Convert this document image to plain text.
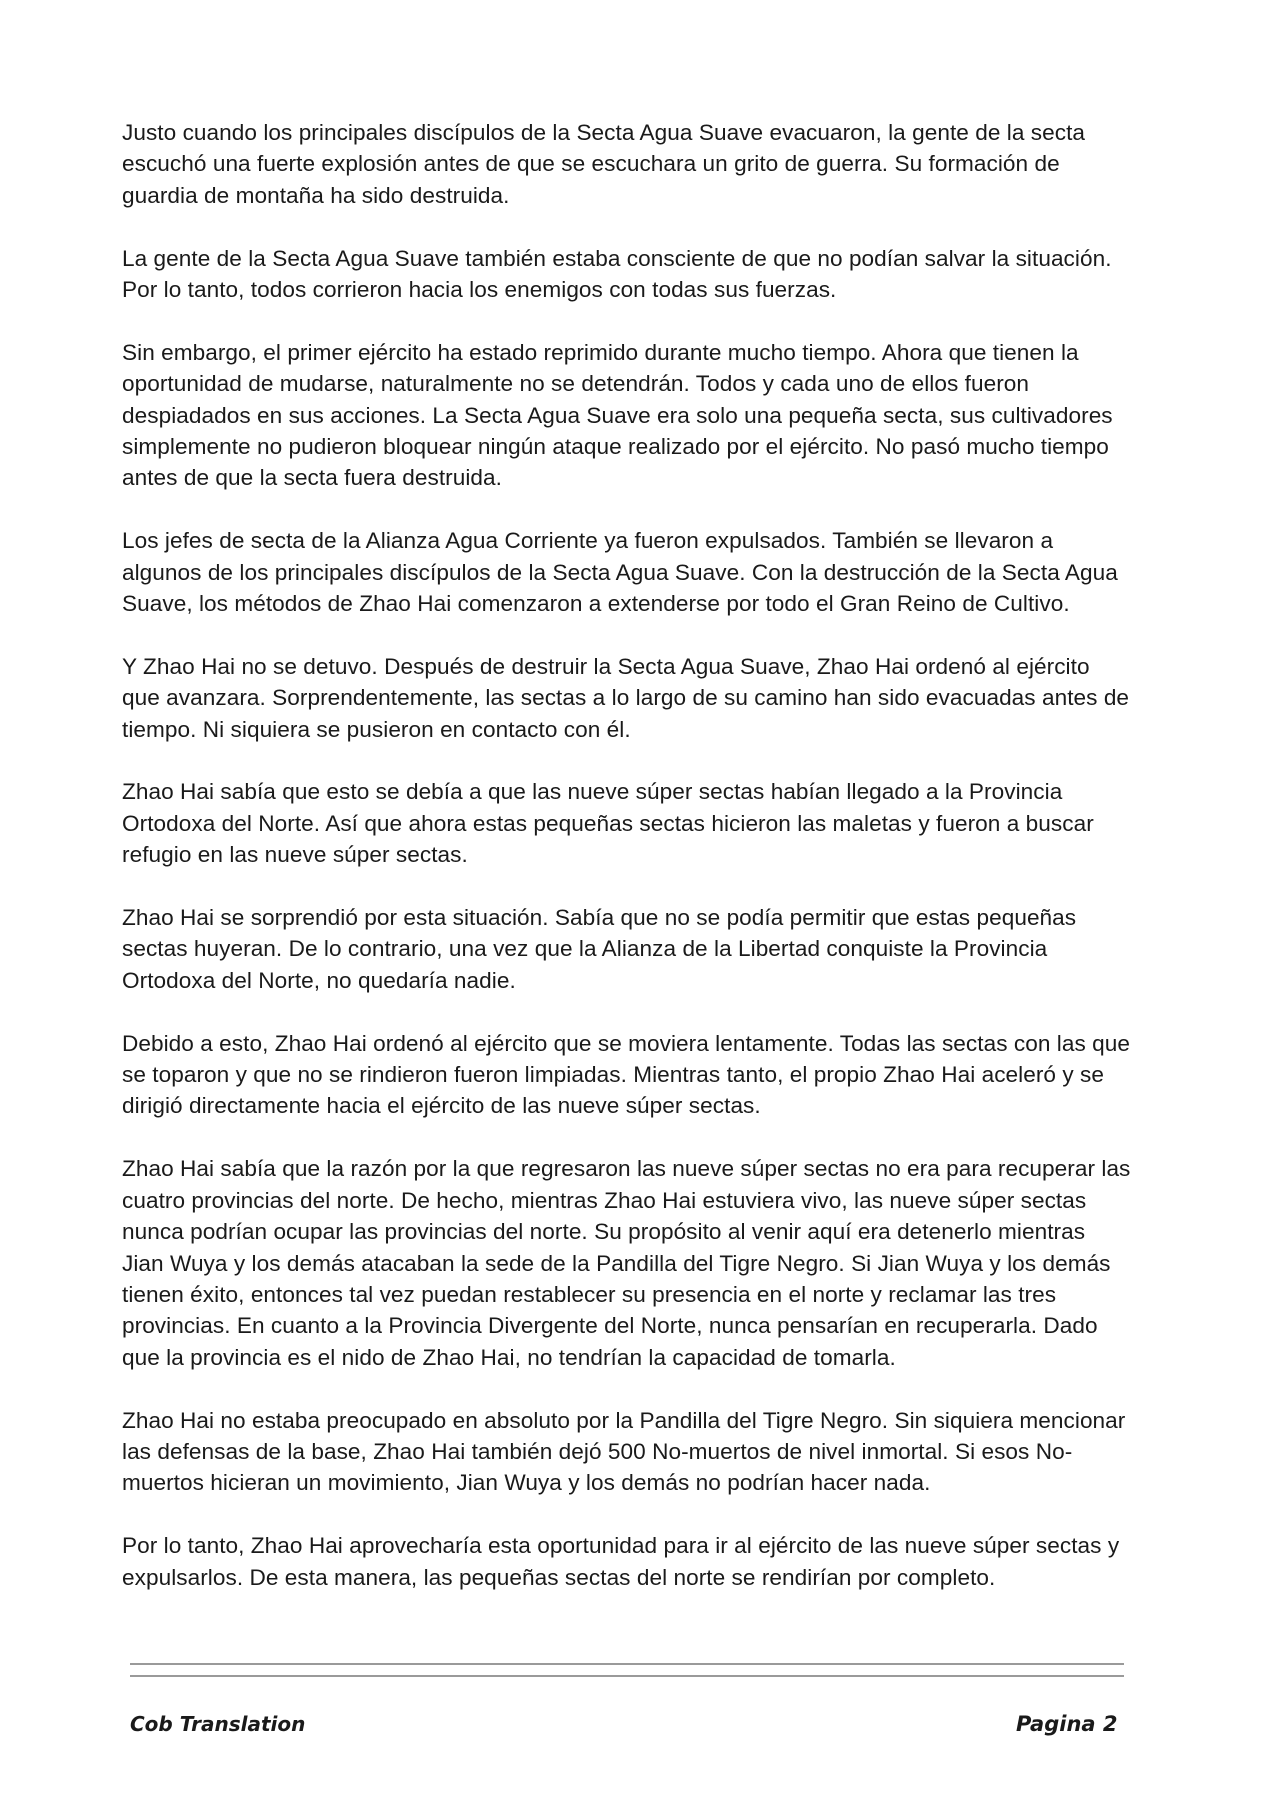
Justo cuando los principales discípulos de la Secta Agua Suave evacuaron, la gente de la secta escuchó una fuerte explosión antes de que se escuchara un grito de guerra. Su formación de guardia de montaña ha sido destruida.

La gente de la Secta Agua Suave también estaba consciente de que no podían salvar la situación. Por lo tanto, todos corrieron hacia los enemigos con todas sus fuerzas.

Sin embargo, el primer ejército ha estado reprimido durante mucho tiempo. Ahora que tienen la oportunidad de mudarse, naturalmente no se detendrán. Todos y cada uno de ellos fueron despiadados en sus acciones. La Secta Agua Suave era solo una pequeña secta, sus cultivadores simplemente no pudieron bloquear ningún ataque realizado por el ejército. No pasó mucho tiempo antes de que la secta fuera destruida.

Los jefes de secta de la Alianza Agua Corriente ya fueron expulsados. También se llevaron a algunos de los principales discípulos de la Secta Agua Suave. Con la destrucción de la Secta Agua Suave, los métodos de Zhao Hai comenzaron a extenderse por todo el Gran Reino de Cultivo.

Y Zhao Hai no se detuvo. Después de destruir la Secta Agua Suave, Zhao Hai ordenó al ejército que avanzara. Sorprendentemente, las sectas a lo largo de su camino han sido evacuadas antes de tiempo. Ni siquiera se pusieron en contacto con él.

Zhao Hai sabía que esto se debía a que las nueve súper sectas habían llegado a la Provincia Ortodoxa del Norte. Así que ahora estas pequeñas sectas hicieron las maletas y fueron a buscar refugio en las nueve súper sectas.

Zhao Hai se sorprendió por esta situación. Sabía que no se podía permitir que estas pequeñas sectas huyeran. De lo contrario, una vez que la Alianza de la Libertad conquiste la Provincia Ortodoxa del Norte, no quedaría nadie.

Debido a esto, Zhao Hai ordenó al ejército que se moviera lentamente. Todas las sectas con las que se toparon y que no se rindieron fueron limpiadas. Mientras tanto, el propio Zhao Hai aceleró y se dirigió directamente hacia el ejército de las nueve súper sectas.

Zhao Hai sabía que la razón por la que regresaron las nueve súper sectas no era para recuperar las cuatro provincias del norte. De hecho, mientras Zhao Hai estuviera vivo, las nueve súper sectas nunca podrían ocupar las provincias del norte. Su propósito al venir aquí era detenerlo mientras Jian Wuya y los demás atacaban la sede de la Pandilla del Tigre Negro. Si Jian Wuya y los demás tienen éxito, entonces tal vez puedan restablecer su presencia en el norte y reclamar las tres provincias. En cuanto a la Provincia Divergente del Norte, nunca pensarían en recuperarla. Dado que la provincia es el nido de Zhao Hai, no tendrían la capacidad de tomarla.

Zhao Hai no estaba preocupado en absoluto por la Pandilla del Tigre Negro. Sin siquiera mencionar las defensas de la base, Zhao Hai también dejó 500 No-muertos de nivel inmortal. Si esos No-muertos hicieran un movimiento, Jian Wuya y los demás no podrían hacer nada.

Por lo tanto, Zhao Hai aprovecharía esta oportunidad para ir al ejército de las nueve súper sectas y expulsarlos. De esta manera, las pequeñas sectas del norte se rendirían por completo.

Cob Translation	Pagina 2
